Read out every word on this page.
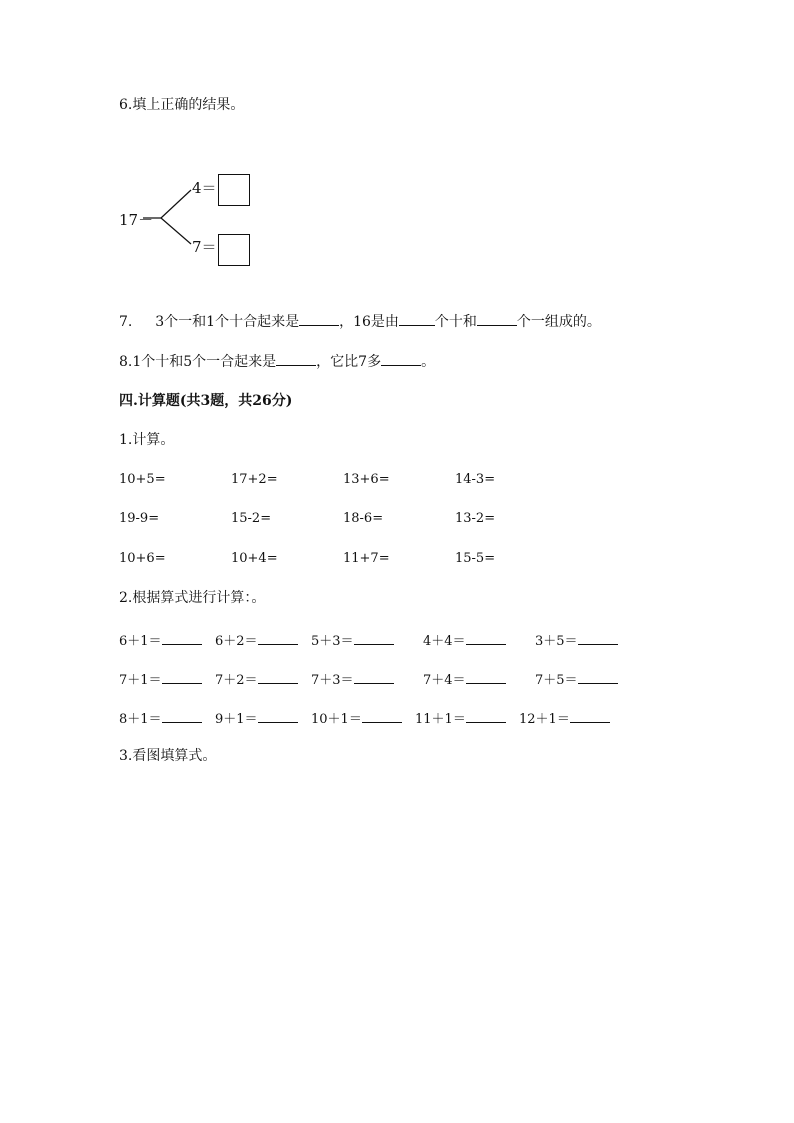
6.填上正确的结果。
17－
4＝
7＝
7. 3个一和1个十合起来是	，16是由	个十和	个一组成的。
8.1个十和5个一合起来是	，它比7多	。
四.计算题(共3题，共26分)
1.计算。
10+5=	17+2=	13+6=	14-3=
19-9=	15-2=	18-6=	13-2=
10+6=	10+4=	11+7=	15-5=
2.根据算式进行计算：。
6＋1＝	6＋2＝	5＋3＝	4＋4＝	3＋5＝
7＋1＝	7＋2＝	7＋3＝	7＋4＝	7＋5＝
8＋1＝	9＋1＝	10＋1＝	11＋1＝	12＋1＝
3.看图填算式。
